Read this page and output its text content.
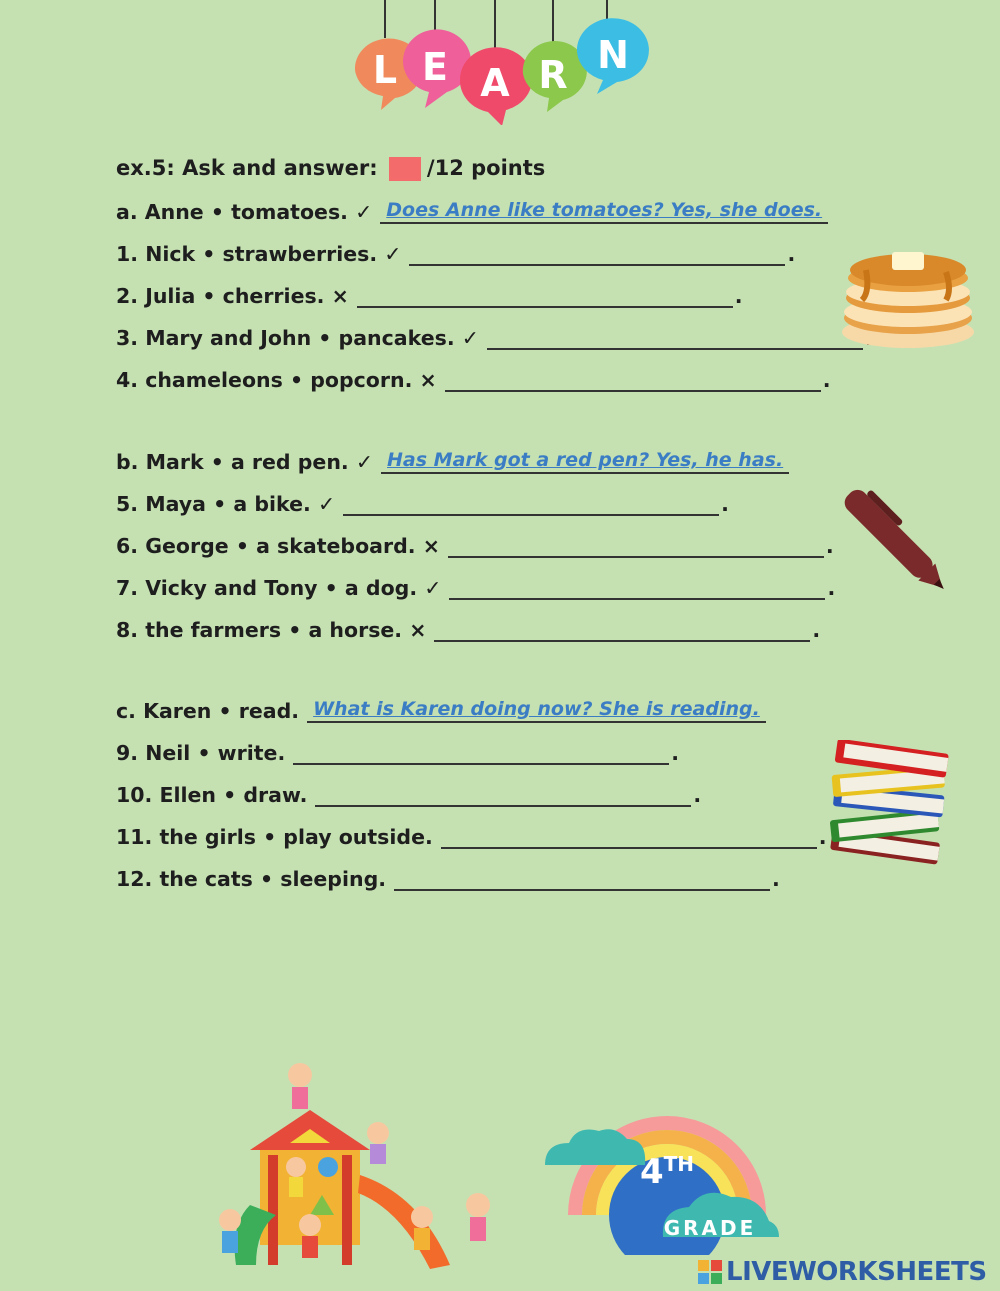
L E A R N
ex.5: Ask and answer: /12 points
a. Anne • tomatoes. ✓ Does Anne like tomatoes? Yes, she does.
1. Nick • strawberries. ✓	.
2. Julia • cherries. ×	.
3. Mary and John • pancakes. ✓
4. chameleons • popcorn. ×	.
b. Mark • a red pen. ✓ Has Mark got a red pen? Yes, he has.
5. Maya • a bike. ✓	.
6. George • a skateboard. ×	.
7. Vicky and Tony • a dog. ✓	.
8. the farmers • a horse. ×	.
c. Karen • read. What is Karen doing now? She is reading.
9. Neil • write.	.
10. Ellen • draw.	.
11. the girls • play outside.	.
12. the cats • sleeping.	.
4TH
GRADE
LIVEWORKSHEETS
